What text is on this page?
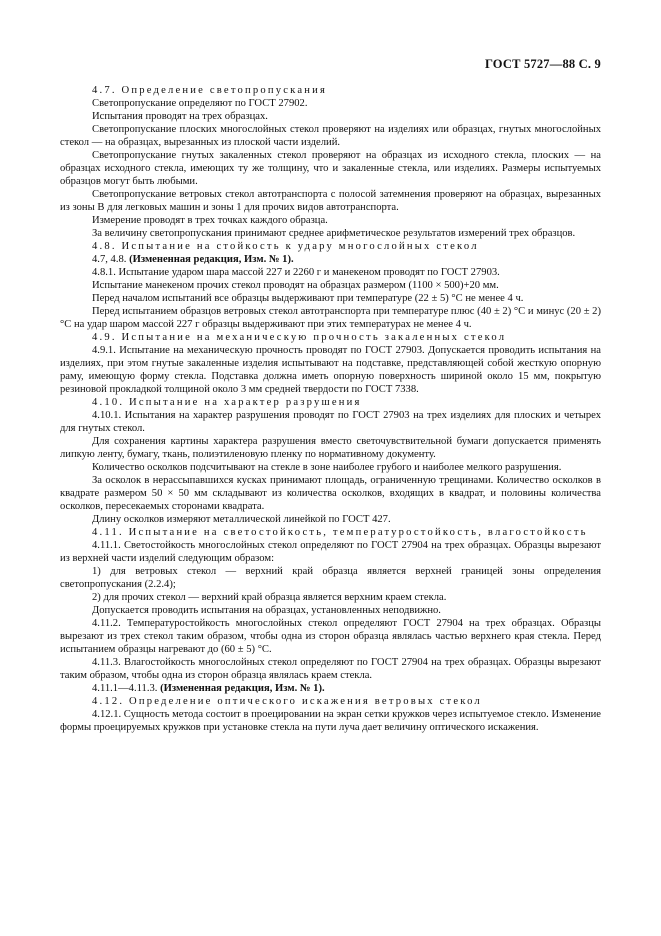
ГОСТ 5727—88 С. 9

4.7. Определение светопропускания

Светопропускание определяют по ГОСТ 27902.

Испытания проводят на трех образцах.

Светопропускание плоских многослойных стекол проверяют на изделиях или образцах, гнутых многослойных стекол — на образцах, вырезанных из плоской части изделий.

Светопропускание гнутых закаленных стекол проверяют на образцах из исходного стекла, плоских — на образцах исходного стекла, имеющих ту же толщину, что и закаленные стекла, или изделиях. Размеры испытуемых образцов могут быть любыми.

Светопропускание ветровых стекол автотранспорта с полосой затемнения проверяют на образцах, вырезанных из зоны В для легковых машин и зоны 1 для прочих видов автотранспорта.

Измерение проводят в трех точках каждого образца.

За величину светопропускания принимают среднее арифметическое результатов измерений трех образцов.

4.8. Испытание на стойкость к удару многослойных стекол

4.7, 4.8. (Измененная редакция, Изм. № 1).

4.8.1. Испытание ударом шара массой 227 и 2260 г и манекеном проводят по ГОСТ 27903.

Испытание манекеном прочих стекол проводят на образцах размером (1100 × 500)+20 мм.

Перед началом испытаний все образцы выдерживают при температуре (22 ± 5) °С не менее 4 ч.

Перед испытанием образцов ветровых стекол автотранспорта при температуре плюс (40 ± 2) °С и минус (20 ± 2) °С на удар шаром массой 227 г образцы выдерживают при этих температурах не менее 4 ч.

4.9. Испытание на механическую прочность закаленных стекол

4.9.1. Испытание на механическую прочность проводят по ГОСТ 27903. Допускается проводить испытания на изделиях, при этом гнутые закаленные изделия испытывают на подставке, представляющей собой жесткую опорную раму, имеющую форму стекла. Подставка должна иметь опорную поверхность шириной около 15 мм, покрытую резиновой прокладкой толщиной около 3 мм средней твердости по ГОСТ 7338.

4.10. Испытание на характер разрушения

4.10.1. Испытания на характер разрушения проводят по ГОСТ 27903 на трех изделиях для плоских и четырех для гнутых стекол.

Для сохранения картины характера разрушения вместо светочувствительной бумаги допускается применять липкую ленту, бумагу, ткань, полиэтиленовую пленку по нормативному документу.

Количество осколков подсчитывают на стекле в зоне наиболее грубого и наиболее мелкого разрушения.

За осколок в нерассыпавшихся кусках принимают площадь, ограниченную трещинами. Количество осколков в квадрате размером 50 × 50 мм складывают из количества осколков, входящих в квадрат, и половины количества осколков, пересекаемых сторонами квадрата.

Длину осколков измеряют металлической линейкой по ГОСТ 427.

4.11. Испытание на светостойкость, температуростойкость, влагостойкость

4.11.1. Светостойкость многослойных стекол определяют по ГОСТ 27904 на трех образцах. Образцы вырезают из верхней части изделий следующим образом:

1) для ветровых стекол — верхний край образца является верхней границей зоны определения светопропускания (2.2.4);

2) для прочих стекол — верхний край образца является верхним краем стекла.

Допускается проводить испытания на образцах, установленных неподвижно.

4.11.2. Температуростойкость многослойных стекол определяют ГОСТ 27904 на трех образцах. Образцы вырезают из трех стекол таким образом, чтобы одна из сторон образца являлась частью верхнего края стекла. Перед испытанием образцы нагревают до (60 ± 5) °С.

4.11.3. Влагостойкость многослойных стекол определяют по ГОСТ 27904 на трех образцах. Образцы вырезают таким образом, чтобы одна из сторон образца являлась краем стекла.

4.11.1—4.11.3. (Измененная редакция, Изм. № 1).

4.12. Определение оптического искажения ветровых стекол

4.12.1. Сущность метода состоит в проецировании на экран сетки кружков через испытуемое стекло. Изменение формы проецируемых кружков при установке стекла на пути луча дает величину оптического искажения.
